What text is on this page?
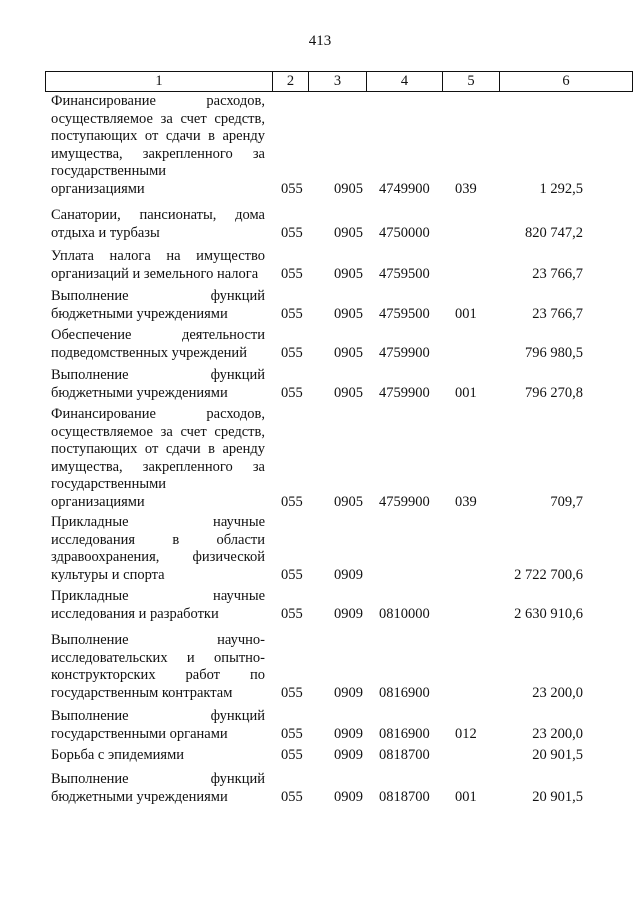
413
1	2	3	4	5	6
Финансирование расходов,
осуществляемое за счет средств,
поступающих от сдачи в аренду
имущества, закрепленного за
государственными
организациями	055 0905 4749900 039	1 292,5
Санатории, пансионаты, дома
отдыха и турбазы	055 0905 4750000	820 747,2
Уплата налога на имущество
организаций и земельного налога	055 0905 4759500	23 766,7
Выполнение функций
бюджетными учреждениями	055 0905 4759500 001	23 766,7
Обеспечение деятельности
подведомственных учреждений	055 0905 4759900	796 980,5
Выполнение функций
бюджетными учреждениями	055 0905 4759900 001	796 270,8
Финансирование расходов,
осуществляемое за счет средств,
поступающих от сдачи в аренду
имущества, закрепленного за
государственными
организациями	055 0905 4759900 039	709,7
Прикладные научные
исследования в области
здравоохранения, физической
культуры и спорта	055 0909	2 722 700,6
Прикладные научные
исследования и разработки	055 0909 0810000	2 630 910,6
Выполнение научно-
исследовательских и опытно-
конструкторских работ по
государственным контрактам	055 0909 0816900	23 200,0
Выполнение функций
государственными органами	055 0909 0816900 012	23 200,0
Борьба с эпидемиями	055 0909 0818700	20 901,5
Выполнение функций
бюджетными учреждениями	055 0909 0818700 001	20 901,5
